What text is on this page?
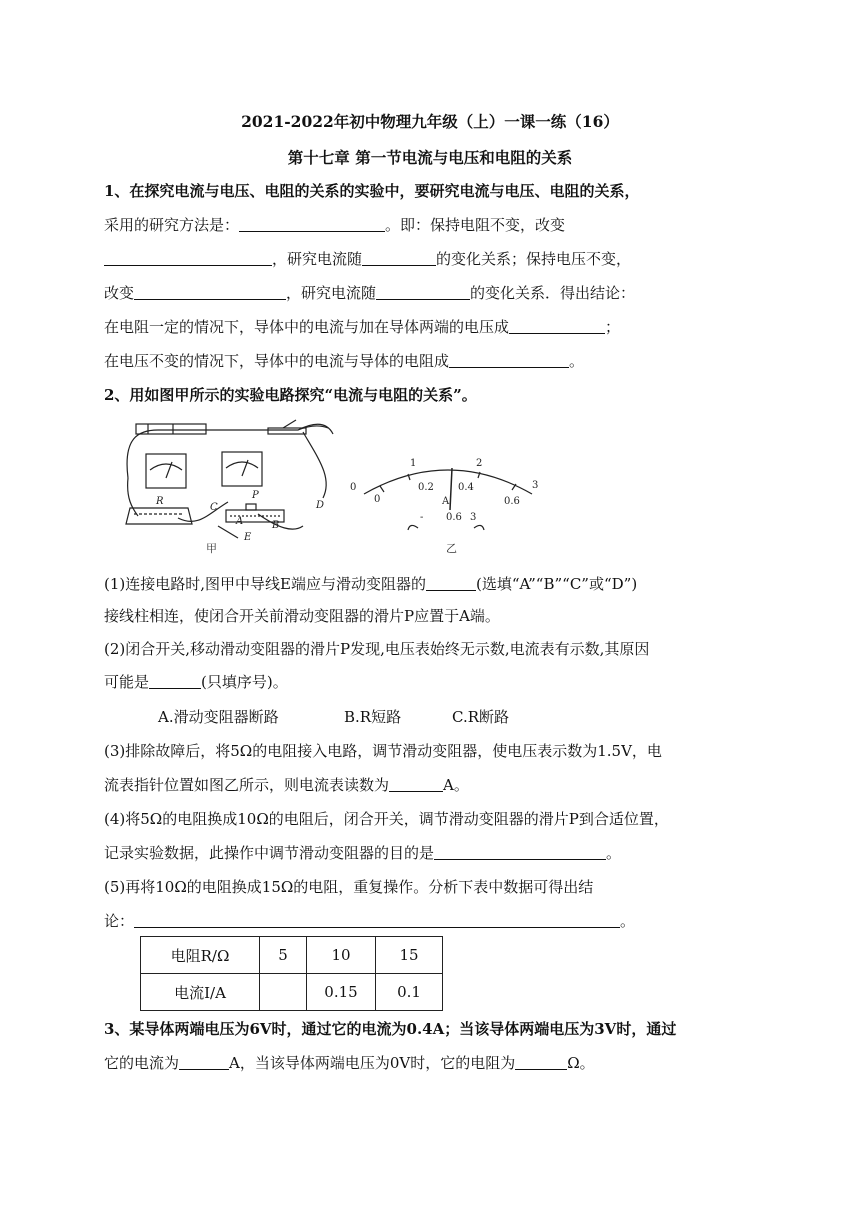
2021-2022年初中物理九年级（上）一课一练（16）
第十七章 第一节电流与电压和电阻的关系
1、在探究电流与电压、电阻的关系的实验中，要研究电流与电压、电阻的关系，
采用的研究方法是：	。即：保持电阻不变，改变
，研究电流随	的变化关系；保持电压不变，
改变	，研究电流随	的变化关系．得出结论：
在电阻一定的情况下，导体中的电流与加在导体两端的电压成	；
在电压不变的情况下，导体中的电流与导体的电阻成	。
2、用如图甲所示的实验电路探究“电流与电阻的关系”。
R
P
C	D
A	B
E
甲
0
1	2
3
0
0.2 0.4
0.6
A
- 0.6 3
乙
(1)连接电路时,图甲中导线E端应与滑动变阻器的	(选填“A”“B”“C”或“D”)
接线柱相连，使闭合开关前滑动变阻器的滑片P应置于A端。
(2)闭合开关,移动滑动变阻器的滑片P发现,电压表始终无示数,电流表有示数,其原因
可能是	(只填序号)。
A.滑动变阻器断路	B.R短路	C.R断路
(3)排除故障后，将5Ω的电阻接入电路，调节滑动变阻器，使电压表示数为1.5V，电
流表指针位置如图乙所示，则电流表读数为	A。
(4)将5Ω的电阻换成10Ω的电阻后，闭合开关，调节滑动变阻器的滑片P到合适位置，
记录实验数据，此操作中调节滑动变阻器的目的是	。
(5)再将10Ω的电阻换成15Ω的电阻，重复操作。分析下表中数据可得出结
论：	。
电阻R/Ω	5	10	15
电流I/A		0.15	0.1
3、某导体两端电压为6V时，通过它的电流为0.4A；当该导体两端电压为3V时，通过
它的电流为	A，当该导体两端电压为0V时，它的电阻为	Ω。
